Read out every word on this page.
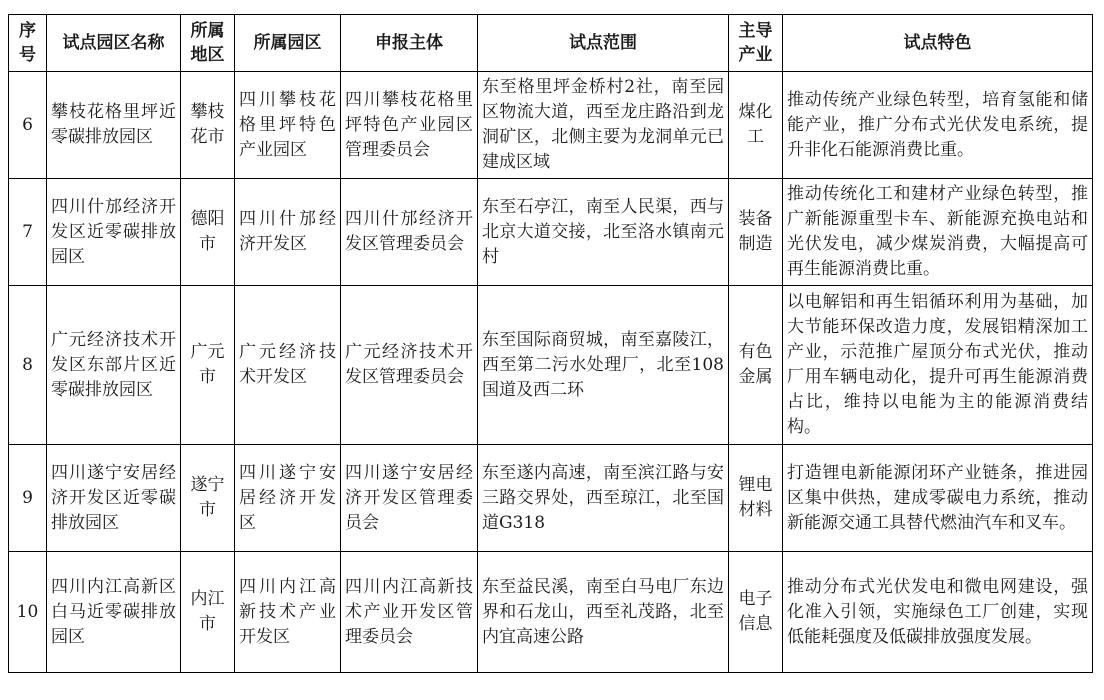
序号	试点园区名称	所属地区	所属园区	申报主体	试点范围	主导产业	试点特色
6	攀枝花格里坪近零碳排放园区	攀枝花市	四川攀枝花格里坪特色产业园区	四川攀枝花格里坪特色产业园区管理委员会	东至格里坪金桥村2社，南至园区物流大道，西至龙庄路沿到龙洞矿区，北侧主要为龙洞单元已建成区域	煤化工	推动传统产业绿色转型，培育氢能和储能产业，推广分布式光伏发电系统，提升非化石能源消费比重。
7	四川什邡经济开发区近零碳排放园区	德阳市	四川什邡经济开发区	四川什邡经济开发区管理委员会	东至石亭江，南至人民渠，西与北京大道交接，北至洛水镇南元村	装备制造	推动传统化工和建材产业绿色转型，推广新能源重型卡车、新能源充换电站和光伏发电，减少煤炭消费，大幅提高可再生能源消费比重。
8	广元经济技术开发区东部片区近零碳排放园区	广元市	广元经济技术开发区	广元经济技术开发区管理委员会	东至国际商贸城，南至嘉陵江，西至第二污水处理厂，北至108国道及西二环	有色金属	以电解铝和再生铝循环利用为基础，加大节能环保改造力度，发展铝精深加工产业，示范推广屋顶分布式光伏，推动厂用车辆电动化，提升可再生能源消费占比，维持以电能为主的能源消费结构。
9	四川遂宁安居经济开发区近零碳排放园区	遂宁市	四川遂宁安居经济开发区	四川遂宁安居经济开发区管理委员会	东至遂内高速，南至滨江路与安三路交界处，西至琼江，北至国道G318	锂电材料	打造锂电新能源闭环产业链条，推进园区集中供热，建成零碳电力系统，推动新能源交通工具替代燃油汽车和叉车。
10	四川内江高新区白马近零碳排放园区	内江市	四川内江高新技术产业开发区	四川内江高新技术产业开发区管理委员会	东至益民溪，南至白马电厂东边界和石龙山，西至礼茂路，北至内宜高速公路	电子信息	推动分布式光伏发电和微电网建设，强化准入引领，实施绿色工厂创建，实现低能耗强度及低碳排放强度发展。
